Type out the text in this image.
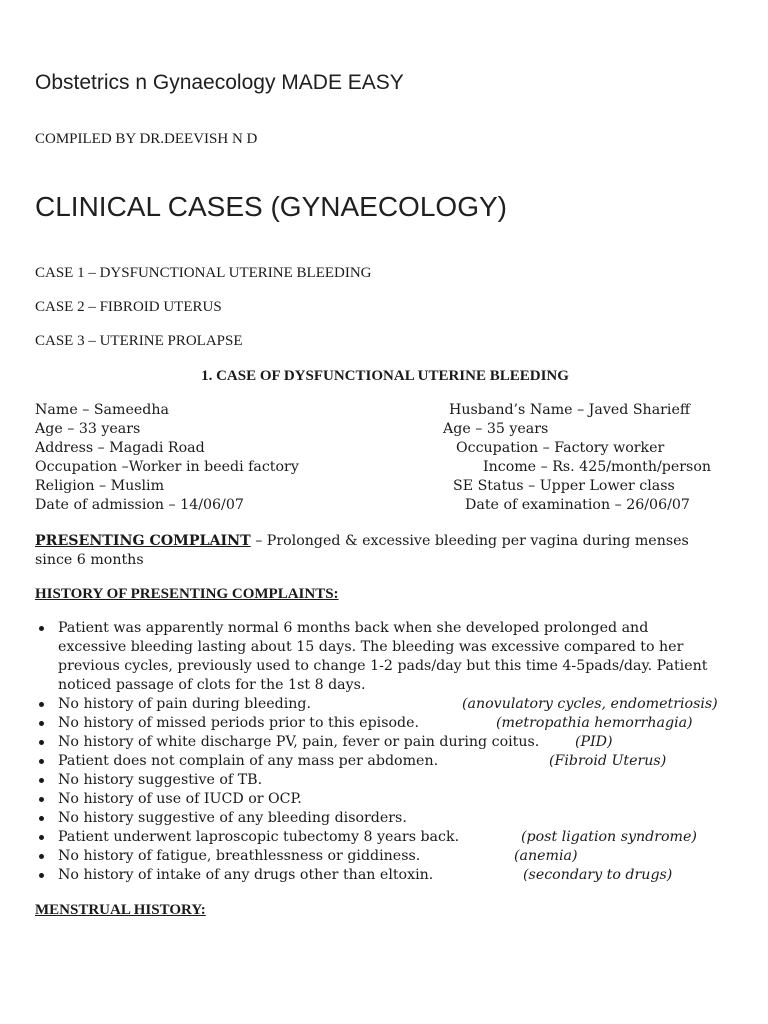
Obstetrics n Gynaecology MADE EASY
COMPILED BY DR.DEEVISH N D
CLINICAL CASES (GYNAECOLOGY)
CASE 1 – DYSFUNCTIONAL UTERINE BLEEDING
CASE 2 – FIBROID UTERUS
CASE 3 – UTERINE PROLAPSE
1. CASE OF DYSFUNCTIONAL UTERINE BLEEDING
Name – Sameedha	Husband’s Name – Javed Sharieff
Age – 33 years	Age – 35 years
Address – Magadi Road	Occupation – Factory worker
Occupation –Worker in beedi factory	Income – Rs. 425/month/person
Religion – Muslim	SE Status – Upper Lower class
Date of admission – 14/06/07	Date of examination – 26/06/07
PRESENTING COMPLAINT – Prolonged & excessive bleeding per vagina during menses since 6 months
HISTORY OF PRESENTING COMPLAINTS:
Patient was apparently normal 6 months back when she developed prolonged and excessive bleeding lasting about 15 days. The bleeding was excessive compared to her previous cycles, previously used to change 1-2 pads/day but this time 4-5pads/day. Patient noticed passage of clots for the 1st 8 days.
No history of pain during bleeding.	(anovulatory cycles, endometriosis)
No history of missed periods prior to this episode.	(metropathia hemorrhagia)
No history of white discharge PV, pain, fever or pain during coitus.	(PID)
Patient does not complain of any mass per abdomen.	(Fibroid Uterus)
No history suggestive of TB.
No history of use of IUCD or OCP.
No history suggestive of any bleeding disorders.
Patient underwent laproscopic tubectomy 8 years back.	(post ligation syndrome)
No history of fatigue, breathlessness or giddiness.	(anemia)
No history of intake of any drugs other than eltoxin.	(secondary to drugs)
MENSTRUAL HISTORY:
